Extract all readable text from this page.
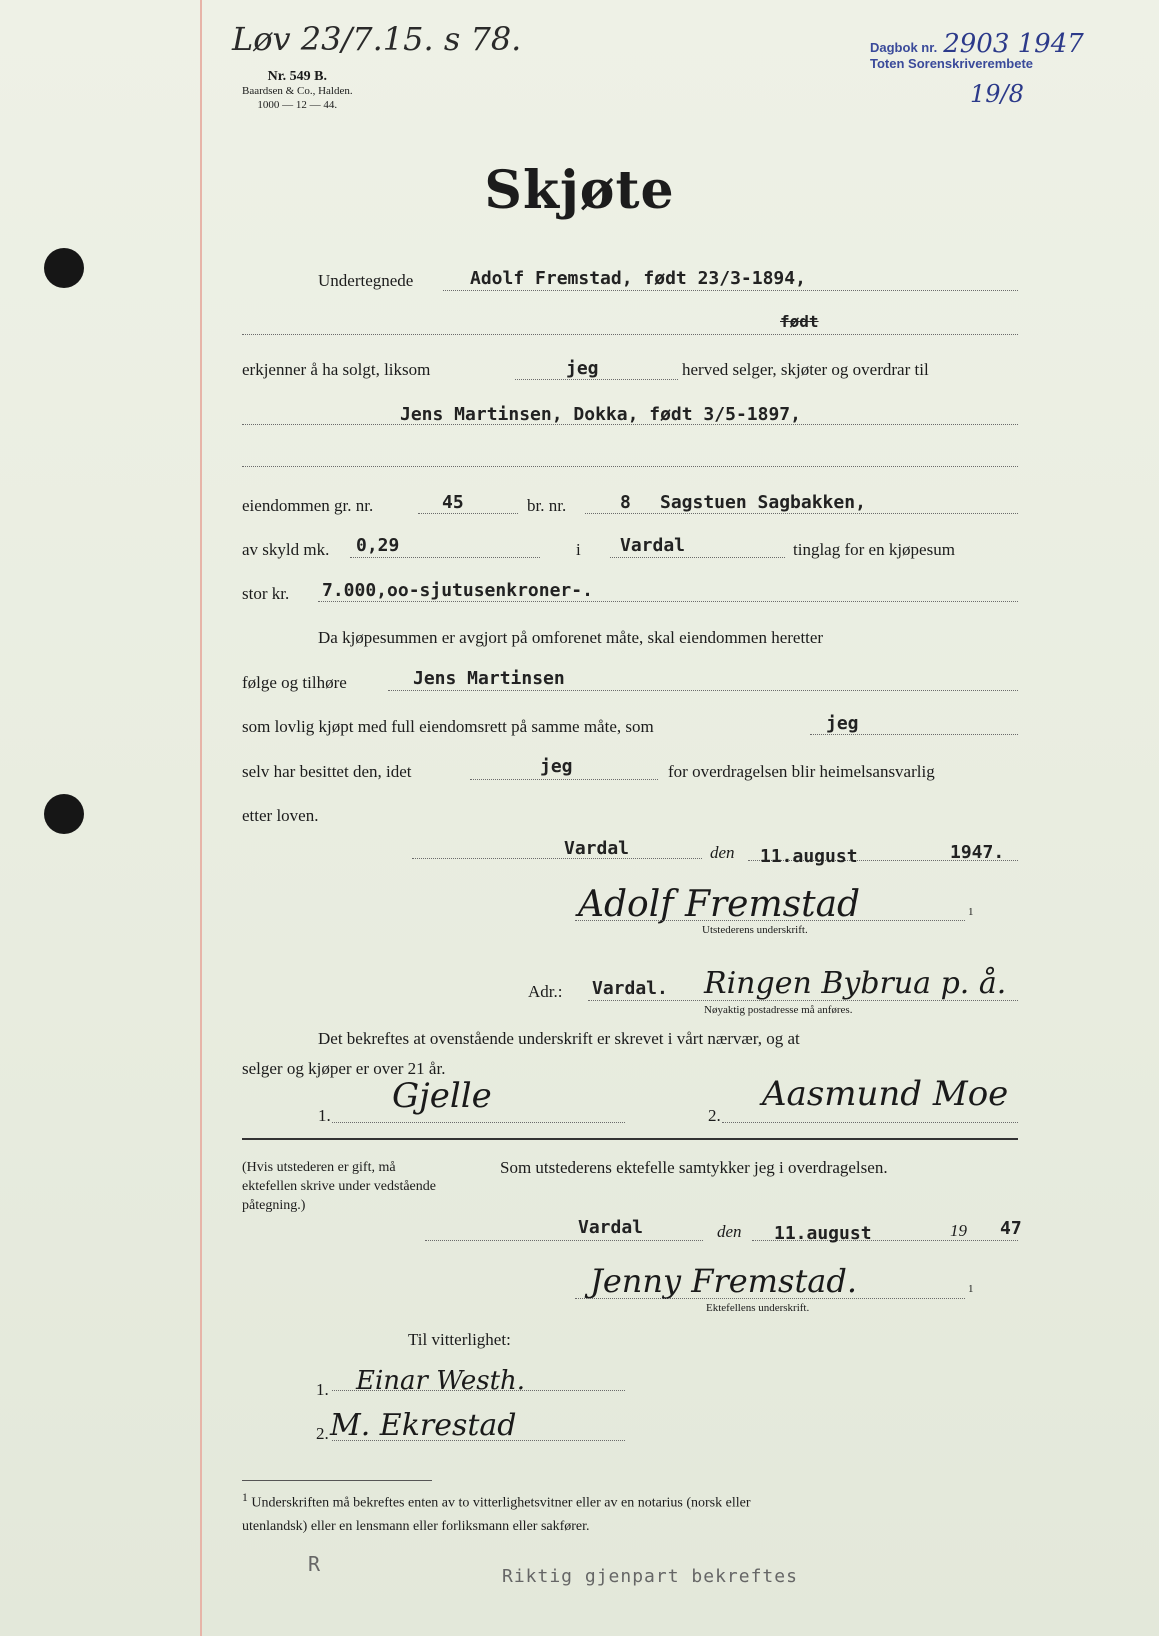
Løv 23/7.15. s 78.
Nr. 549 B.
Baardsen & Co., Halden.
1000 — 12 — 44.
Dagbok nr. 2903 1947
Toten Sorenskriverembete
19/8
Skjøte
Undertegnede	Adolf Fremstad, født 23/3-1894,
født
erkjenner å ha solgt, liksom	jeg	herved selger, skjøter og overdrar til
Jens Martinsen, Dokka, født 3/5-1897,
eiendommen gr. nr.	45	br. nr.	8 Sagstuen Sagbakken,
av skyld mk. 0,29	i Vardal	tinglag for en kjøpesum
stor kr. 7.000,oo-sjutusenkroner-.
Da kjøpesummen er avgjort på omforenet måte, skal eiendommen heretter
følge og tilhøre	Jens Martinsen
som lovlig kjøpt med full eiendomsrett på samme måte, som	jeg
selv har besittet den, idet	jeg	for overdragelsen blir heimelsansvarlig
etter loven.
Vardal	den 11.august	1947.
Adolf Fremstad	1
Utstederens underskrift.
Adr.: Vardal. Ringen Bybrua p. å.
Nøyaktig postadresse må anføres.
Det bekreftes at ovenstående underskrift er skrevet i vårt nærvær, og at
selger og kjøper er over 21 år.
1. Gjelle	2.
Aasmund Moe
(Hvis utstederen er gift, må ektefellen skrive under vedstående påtegning.)
Som utstederens ektefelle samtykker jeg i overdragelsen.
Vardal	den 11.august	19 47
Jenny Fremstad.	1
Ektefellens underskrift.
Til vitterlighet:
1. Einar Westh.
2. M. Ekrestad
$^1$ Underskriften må bekreftes enten av to vitterlighetsvitner eller av en notarius (norsk eller
utenlandsk) eller en lensmann eller forliksmann eller sakfører.
R
Riktig gjenpart bekreftes
